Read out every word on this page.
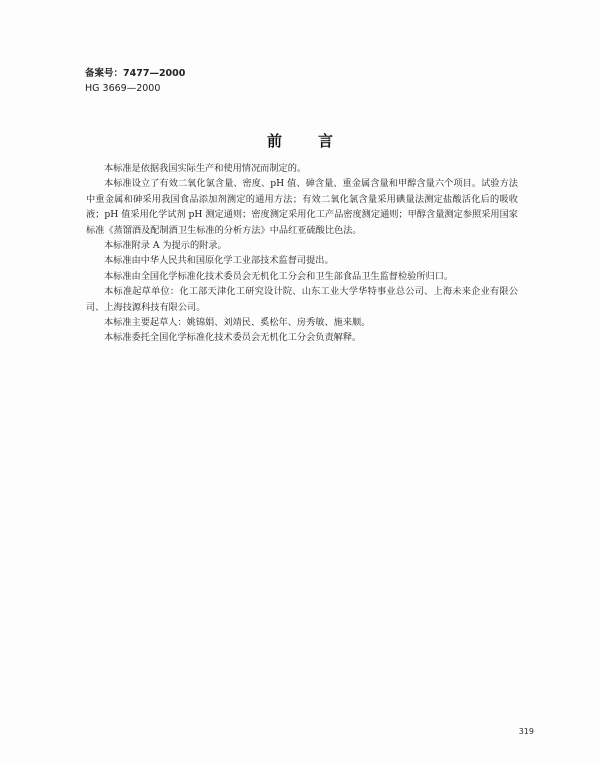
备案号：7477—2000
HG 3669—2000
前言

本标准是依据我国实际生产和使用情况而制定的。

本标准设立了有效二氧化氯含量、密度、pH 值、砷含量、重金属含量和甲醇含量六个项目。试验方法中重金属和砷采用我国食品添加剂测定的通用方法；有效二氧化氯含量采用碘量法测定盐酸活化后的吸收液；pH 值采用化学试剂 pH 测定通则；密度测定采用化工产品密度测定通则；甲醇含量测定参照采用国家标准《蒸馏酒及配制酒卫生标准的分析方法》中品红亚硫酸比色法。

本标准附录 A 为提示的附录。

本标准由中华人民共和国原化学工业部技术监督司提出。

本标准由全国化学标准化技术委员会无机化工分会和卫生部食品卫生监督检验所归口。

本标准起草单位：化工部天津化工研究设计院、山东工业大学华特事业总公司、上海未来企业有限公司、上海技源科技有限公司。

本标准主要起草人：姚锦娟、刘靖民、奚松年、房秀敏、施来顺。

本标准委托全国化学标准化技术委员会无机化工分会负责解释。

319
